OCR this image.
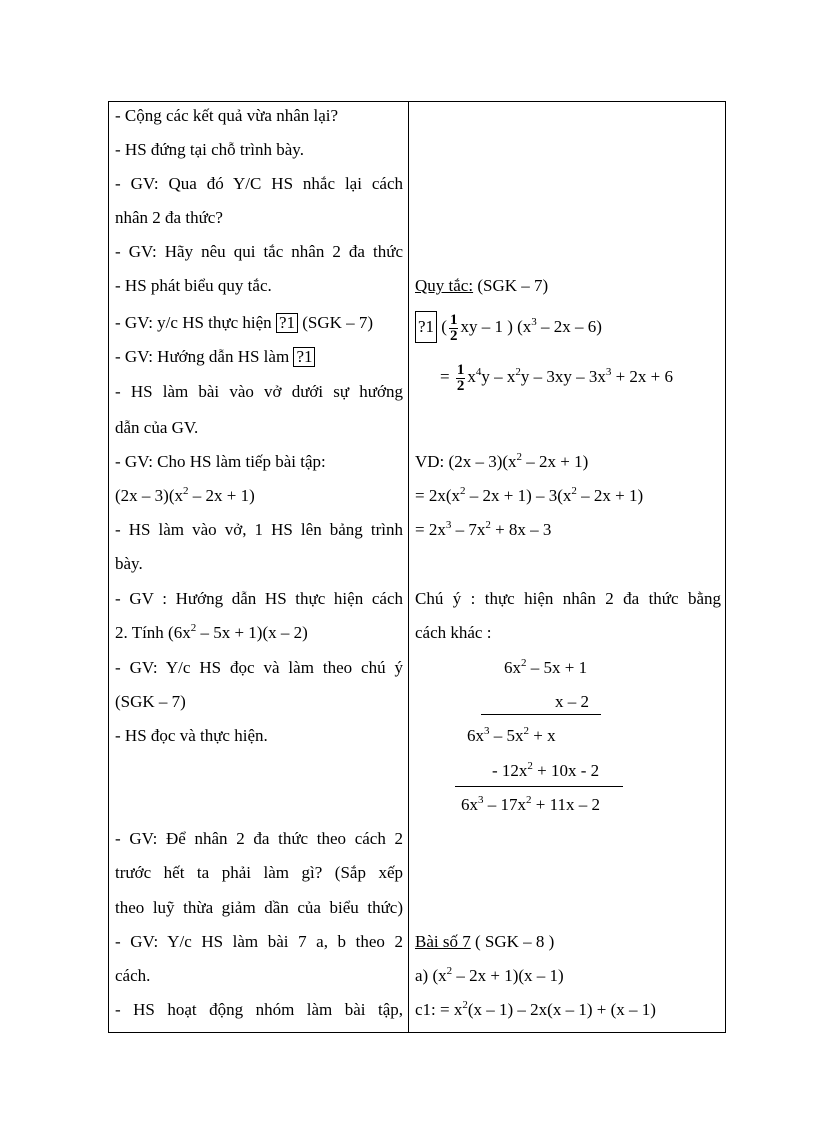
- Cộng các kết quả vừa nhân lại?
- HS đứng tại chỗ trình bày.
- GV: Qua đó Y/C HS nhắc lại cách
nhân 2 đa thức?
- GV: Hãy nêu qui tắc nhân 2 đa thức
- HS phát biểu quy tắc.
- GV: y/c HS thực hiện ?1 (SGK – 7)
- GV: Hướng dẫn HS làm ?1
- HS làm bài vào vở dưới sự hướng
dẫn của GV.
- GV: Cho HS làm tiếp bài tập:
$(2x - 3)(x^2 - 2x + 1)$
- HS làm vào vở, 1 HS lên bảng trình
bày.
- GV : Hướng dẫn HS thực hiện cách
2. Tính $(6x^2 - 5x + 1)(x - 2)$
- GV: Y/c HS đọc và làm theo chú ý
(SGK – 7)
- HS đọc và thực hiện.
- GV: Để nhân 2 đa thức theo cách 2
trước hết ta phải làm gì? (Sắp xếp
theo luỹ thừa giảm dần của biểu thức)
- GV: Y/c HS làm bài 7 a, b theo 2
cách.
- HS hoạt động nhóm làm bài tập,
Quy tắc: (SGK – 7)
?1 ( $\frac{1}{2}$ xy – 1 ) $(x^3 - 2x - 6)$
= $\frac{1}{2} x^4y - x^2y - 3xy - 3x^3 + 2x + 6$
VD: $(2x - 3)(x^2 - 2x + 1)$
= $2x(x^2 - 2x + 1) - 3(x^2 - 2x + 1)$
= $2x^3 - 7x^2 + 8x - 3$
Chú ý : thực hiện nhân 2 đa thức bằng
cách khác :
$6x^2 - 5x + 1$
x – 2
$6x^3 - 5x^2 + x$
- $12x^2 + 10x - 2$
$6x^3 - 17x^2 + 11x - 2$
Bài số 7 ( SGK – 8 )
a) $(x^2 - 2x + 1)(x - 1)$
c1: = $x^2(x - 1) - 2x(x - 1) + (x - 1)$
